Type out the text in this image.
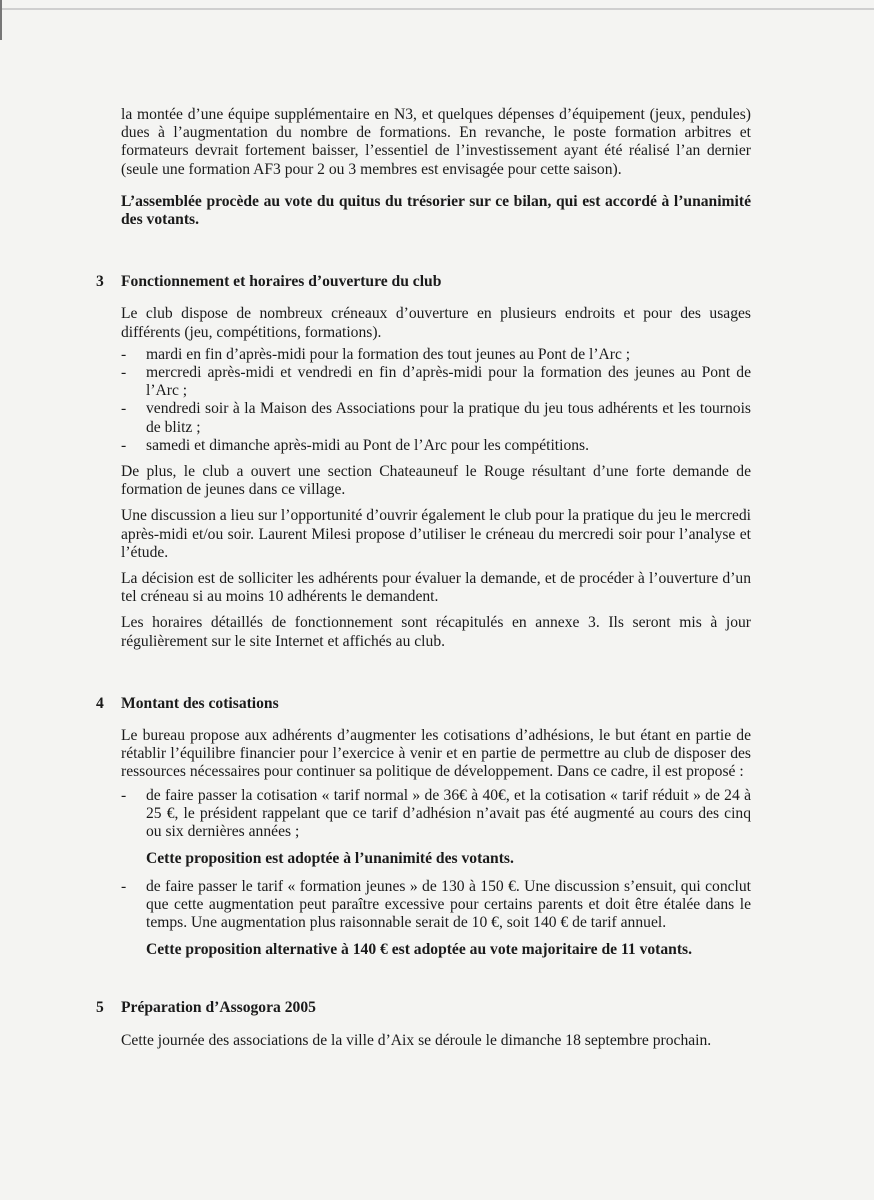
la montée d’une équipe supplémentaire en N3, et quelques dépenses d’équipement (jeux, pendules) dues à l’augmentation du nombre de formations. En revanche, le poste formation arbitres et formateurs devrait fortement baisser, l’essentiel de l’investissement ayant été réalisé l’an dernier (seule une formation AF3 pour 2 ou 3 membres est envisagée pour cette saison).

L’assemblée procède au vote du quitus du trésorier sur ce bilan, qui est accordé à l’unanimité des votants.

3 Fonctionnement et horaires d’ouverture du club

Le club dispose de nombreux créneaux d’ouverture en plusieurs endroits et pour des usages différents (jeu, compétitions, formations).

- mardi en fin d’après-midi pour la formation des tout jeunes au Pont de l’Arc ;
- mercredi après-midi et vendredi en fin d’après-midi pour la formation des jeunes au Pont de l’Arc ;
- vendredi soir à la Maison des Associations pour la pratique du jeu tous adhérents et les tournois de blitz ;
- samedi et dimanche après-midi au Pont de l’Arc pour les compétitions.

De plus, le club a ouvert une section Chateauneuf le Rouge résultant d’une forte demande de formation de jeunes dans ce village.

Une discussion a lieu sur l’opportunité d’ouvrir également le club pour la pratique du jeu le mercredi après-midi et/ou soir. Laurent Milesi propose d’utiliser le créneau du mercredi soir pour l’analyse et l’étude.

La décision est de solliciter les adhérents pour évaluer la demande, et de procéder à l’ouverture d’un tel créneau si au moins 10 adhérents le demandent.

Les horaires détaillés de fonctionnement sont récapitulés en annexe 3. Ils seront mis à jour régulièrement sur le site Internet et affichés au club.

4 Montant des cotisations

Le bureau propose aux adhérents d’augmenter les cotisations d’adhésions, le but étant en partie de rétablir l’équilibre financier pour l’exercice à venir et en partie de permettre au club de disposer des ressources nécessaires pour continuer sa politique de développement. Dans ce cadre, il est proposé :

- de faire passer la cotisation « tarif normal » de 36€ à 40€, et la cotisation « tarif réduit » de 24 à 25 €, le président rappelant que ce tarif d’adhésion n’avait pas été augmenté au cours des cinq ou six dernières années ;

Cette proposition est adoptée à l’unanimité des votants.

- de faire passer le tarif « formation jeunes » de 130 à 150 €. Une discussion s’ensuit, qui conclut que cette augmentation peut paraître excessive pour certains parents et doit être étalée dans le temps. Une augmentation plus raisonnable serait de 10 €, soit 140 € de tarif annuel.

Cette proposition alternative à 140 € est adoptée au vote majoritaire de 11 votants.

5 Préparation d’Assogora 2005

Cette journée des associations de la ville d’Aix se déroule le dimanche 18 septembre prochain.
